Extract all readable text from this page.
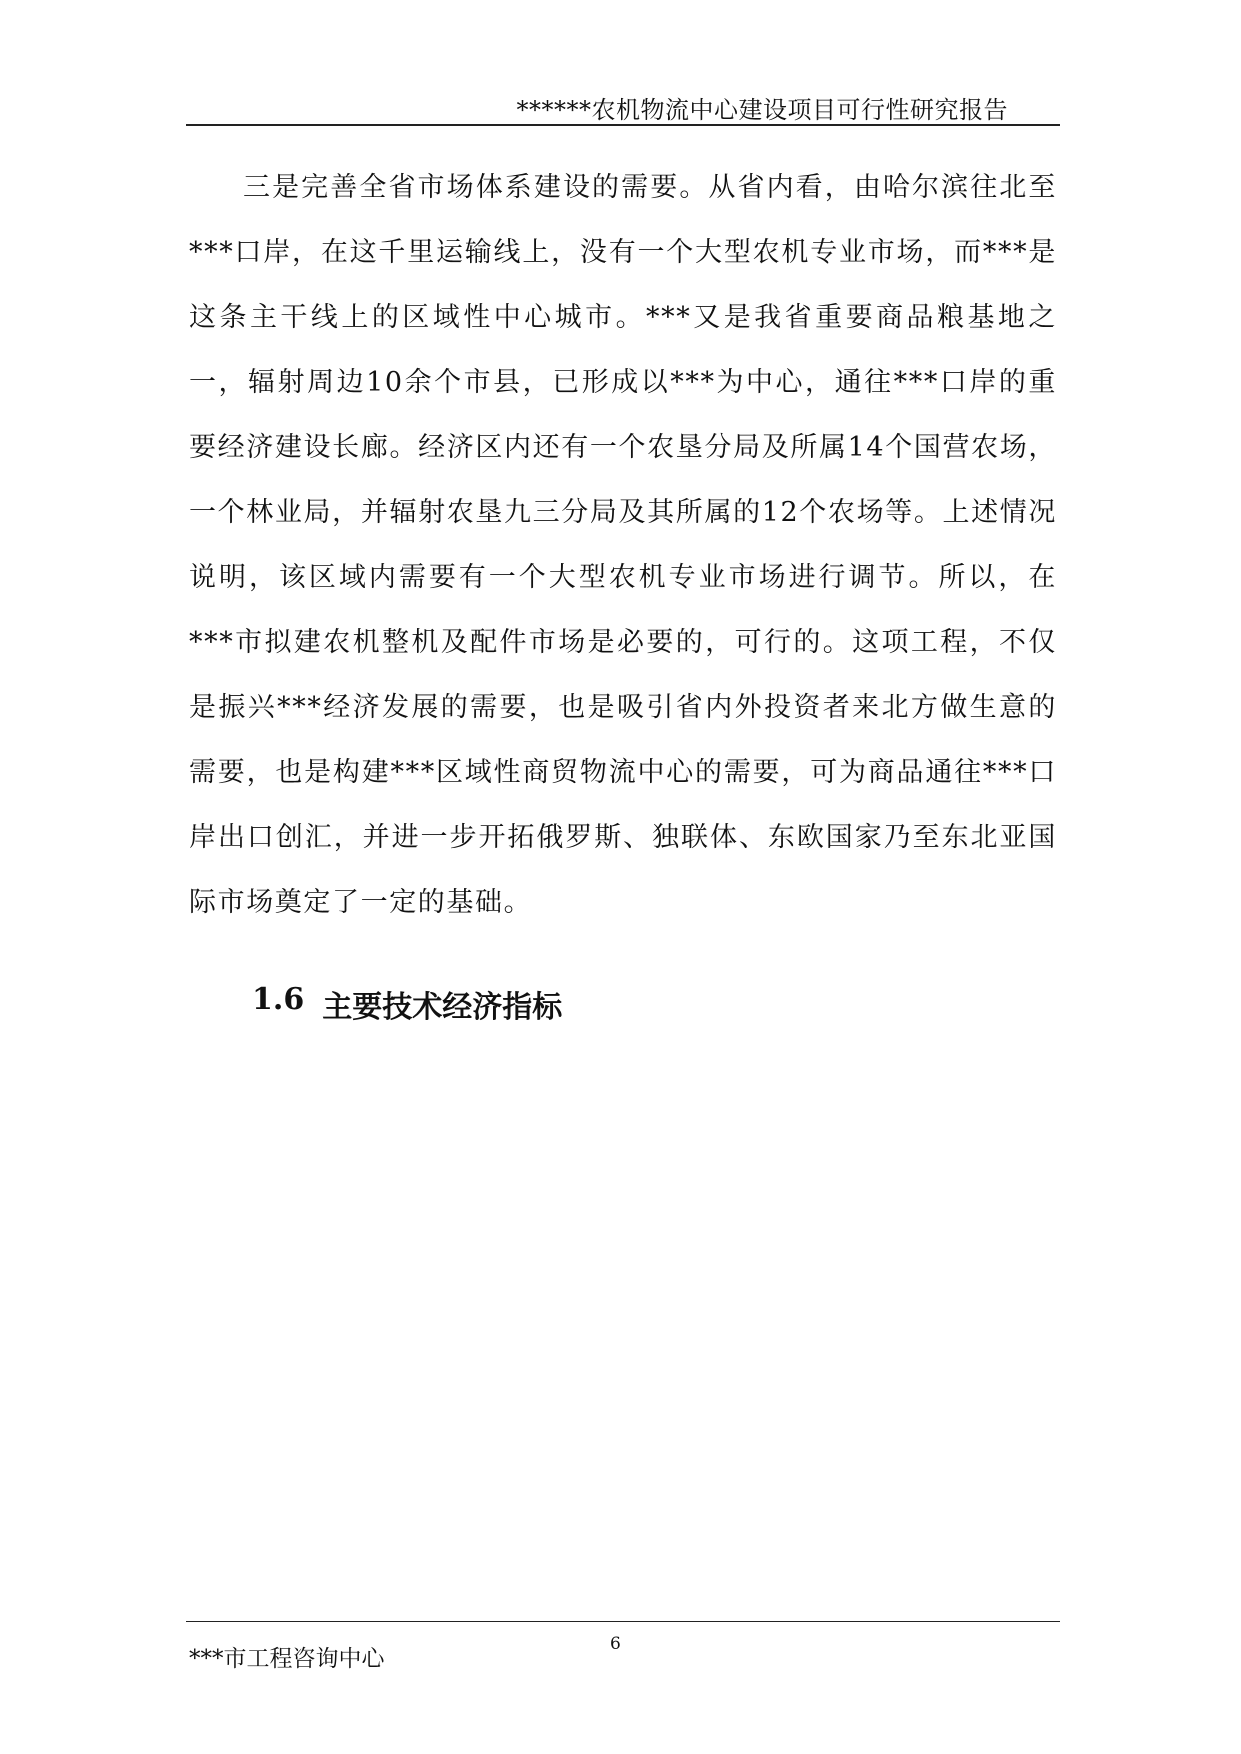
******农机物流中心建设项目可行性研究报告

三是完善全省市场体系建设的需要。从省内看，由哈尔滨往北至***口岸，在这千里运输线上，没有一个大型农机专业市场，而***是这条主干线上的区域性中心城市。***又是我省重要商品粮基地之一，辐射周边10余个市县，已形成以***为中心，通往***口岸的重要经济建设长廊。经济区内还有一个农垦分局及所属14个国营农场，一个林业局，并辐射农垦九三分局及其所属的12个农场等。上述情况说明，该区域内需要有一个大型农机专业市场进行调节。所以，在***市拟建农机整机及配件市场是必要的，可行的。这项工程，不仅是振兴***经济发展的需要，也是吸引省内外投资者来北方做生意的需要，也是构建***区域性商贸物流中心的需要，可为商品通往***口岸出口创汇，并进一步开拓俄罗斯、独联体、东欧国家乃至东北亚国际市场奠定了一定的基础。

1.6 主要技术经济指标
***市工程咨询中心
6
